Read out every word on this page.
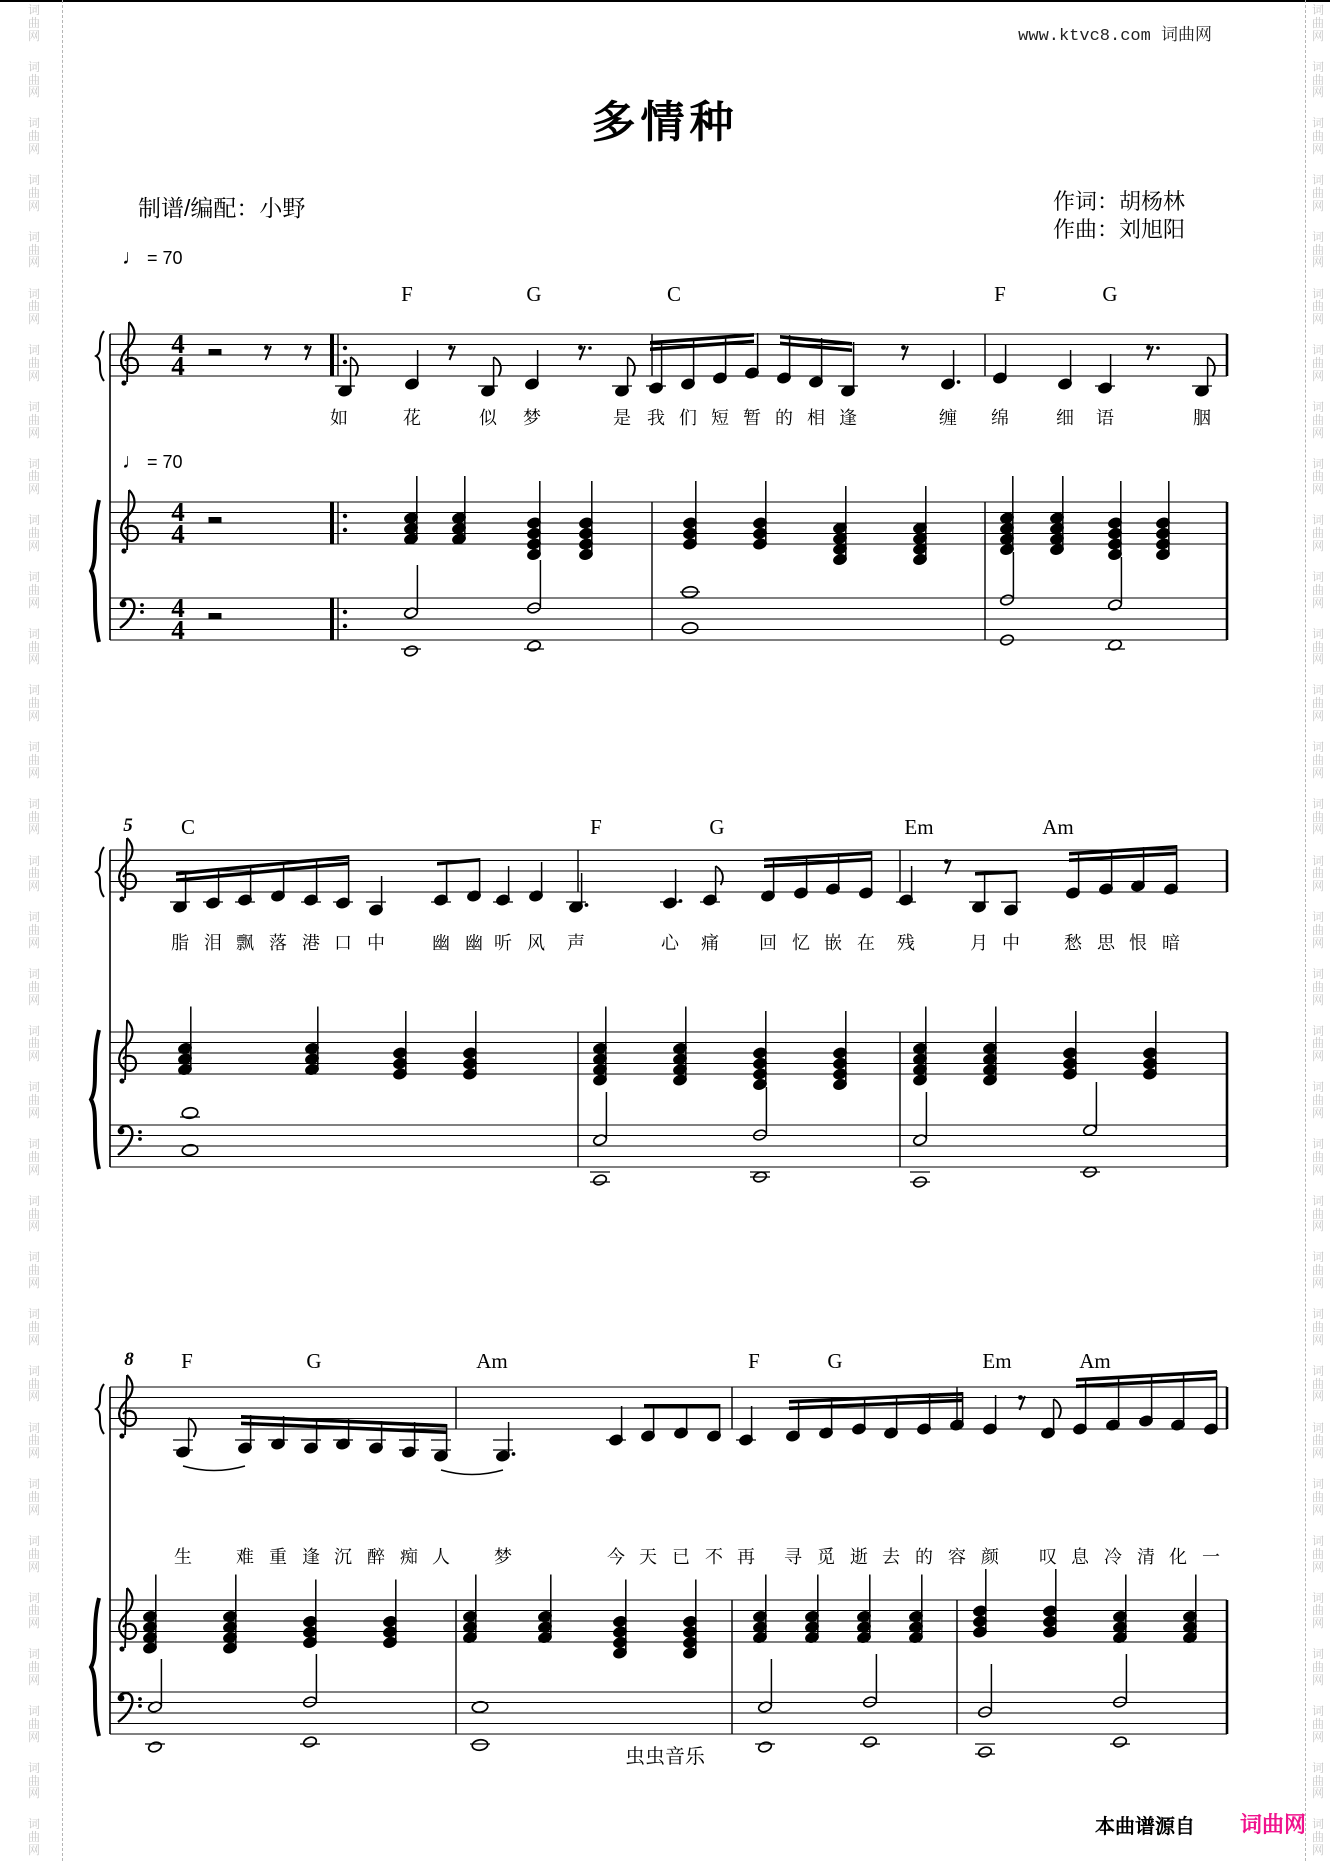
词
曲
网
词
曲
网
词
曲
网
词
曲
网
词
曲
网
词
曲
网
词
曲
网
词
曲
网
词
曲
网
词
曲
网
词
曲
网
词
曲
网
词
曲
网
词
曲
网
词
曲
网
词
曲
网
词
曲
网
词
曲
网
词
曲
网
词
曲
网
词
曲
网
词
曲
网
词
曲
网
词
曲
网
词
曲
网
词
曲
网
词
曲
网
词
曲
网
词
曲
网
词
曲
网
词
曲
网
词
曲
网
词
曲
网
词
曲
网
词
曲
网
词
曲
网
词
曲
网
词
曲
网
词
曲
网
词
曲
网
词
曲
网
词
曲
网
词
曲
网
词
曲
网
词
曲
网
词
曲
网
词
曲
网
词
曲
网
词
曲
网
词
曲
网
词
曲
网
词
曲
网
词
曲
网
词
曲
网
词
曲
网
词
曲
网
词
曲
网
词
曲
网
词
曲
网
词
曲
网
词
曲
网
词
曲
网
词
曲
网
词
曲
网
词
曲
网
词
曲
网
www.ktvc8.com 词曲网
多情种
制谱/编配：小野	作词：胡杨林
作曲：刘旭阳
♩ = 70
♩ = 70
4
4
4
4
4
4
F	G	C	F	G
如	花	似 梦	是 我 们 短 暂 的 相 逢	缠 绵	细 语	胭
5 C	F	G	Em	Am
脂 泪 飘 落 港 口 中	幽 幽 听 风 声	心 痛 回 忆 嵌 在 残	月 中 愁 思 恨 暗
8 F	G	Am	F	G	Em	Am
生 难 重 逢 沉 醉 痴 人 梦	今 天 已 不 再 寻 觅 逝 去 的 容 颜 叹 息 冷 清 化 一
虫虫音乐
本曲谱源自 词曲网
